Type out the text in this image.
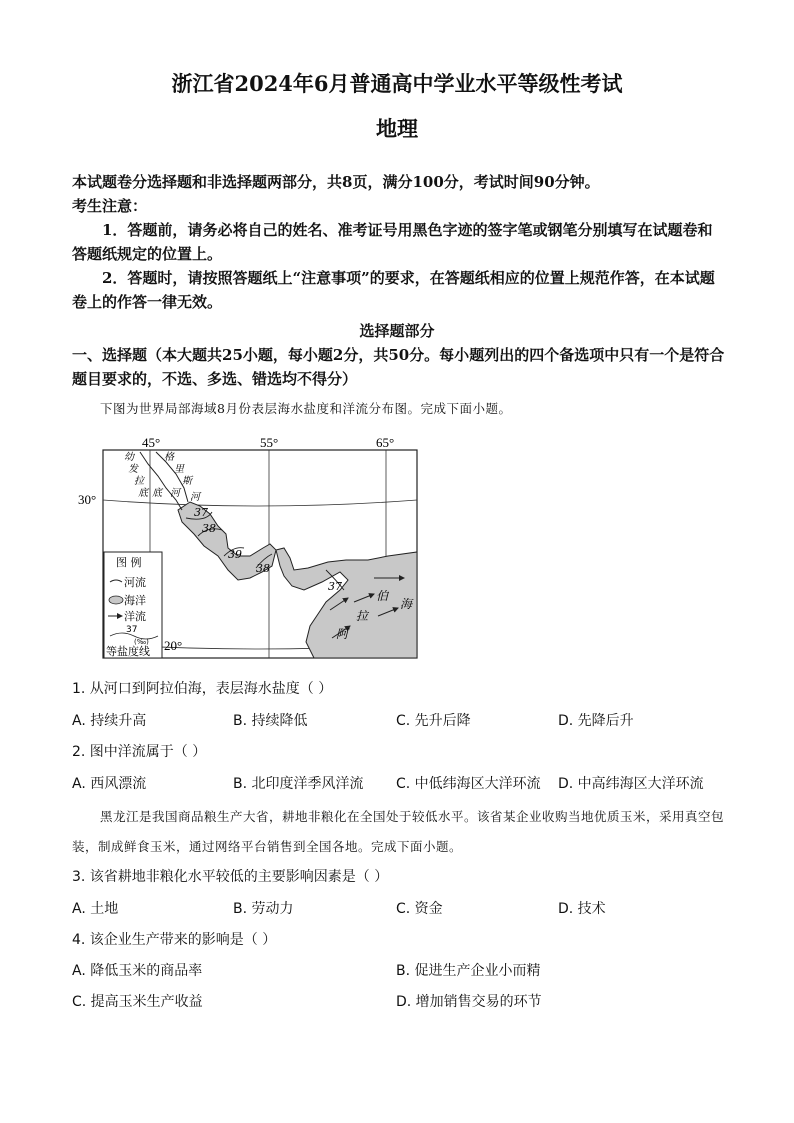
浙江省2024年6月普通高中学业水平等级性考试
地理
本试题卷分选择题和非选择题两部分，共8页，满分100分，考试时间90分钟。
考生注意：
1．答题前，请务必将自己的姓名、准考证号用黑色字迹的签字笔或钢笔分别填写在试题卷和答题纸规定的位置上。
2．答题时，请按照答题纸上“注意事项”的要求，在答题纸相应的位置上规范作答，在本试题卷上的作答一律无效。
选择题部分
一、选择题（本大题共25小题，每小题2分，共50分。每小题列出的四个备选项中只有一个是符合题目要求的，不选、多选、错选均不得分）
下图为世界局部海域8月份表层海水盐度和洋流分布图。完成下面小题。
45°	55°	65°
30°
20°
幼
发
拉
底
格
里
斯
河
底	河
37
38
39
38
37
阿
拉
伯
海
图 例
河流
海洋
洋流
37
(‰)
等盐度线
1. 从河口到阿拉伯海，表层海水盐度（ ）
A. 持续升高	B. 持续降低	C. 先升后降	D. 先降后升
2. 图中洋流属于（ ）
A. 西风漂流	B. 北印度洋季风洋流 C. 中低纬海区大洋环流 D. 中高纬海区大洋环流
黑龙江是我国商品粮生产大省，耕地非粮化在全国处于较低水平。该省某企业收购当地优质玉米，采用真空包装，制成鲜食玉米，通过网络平台销售到全国各地。完成下面小题。
3. 该省耕地非粮化水平较低的主要影响因素是（ ）
A. 土地	B. 劳动力	C. 资金	D. 技术
4. 该企业生产带来的影响是（ ）
A. 降低玉米的商品率	B. 促进生产企业小而精
C. 提高玉米生产收益	D. 增加销售交易的环节
